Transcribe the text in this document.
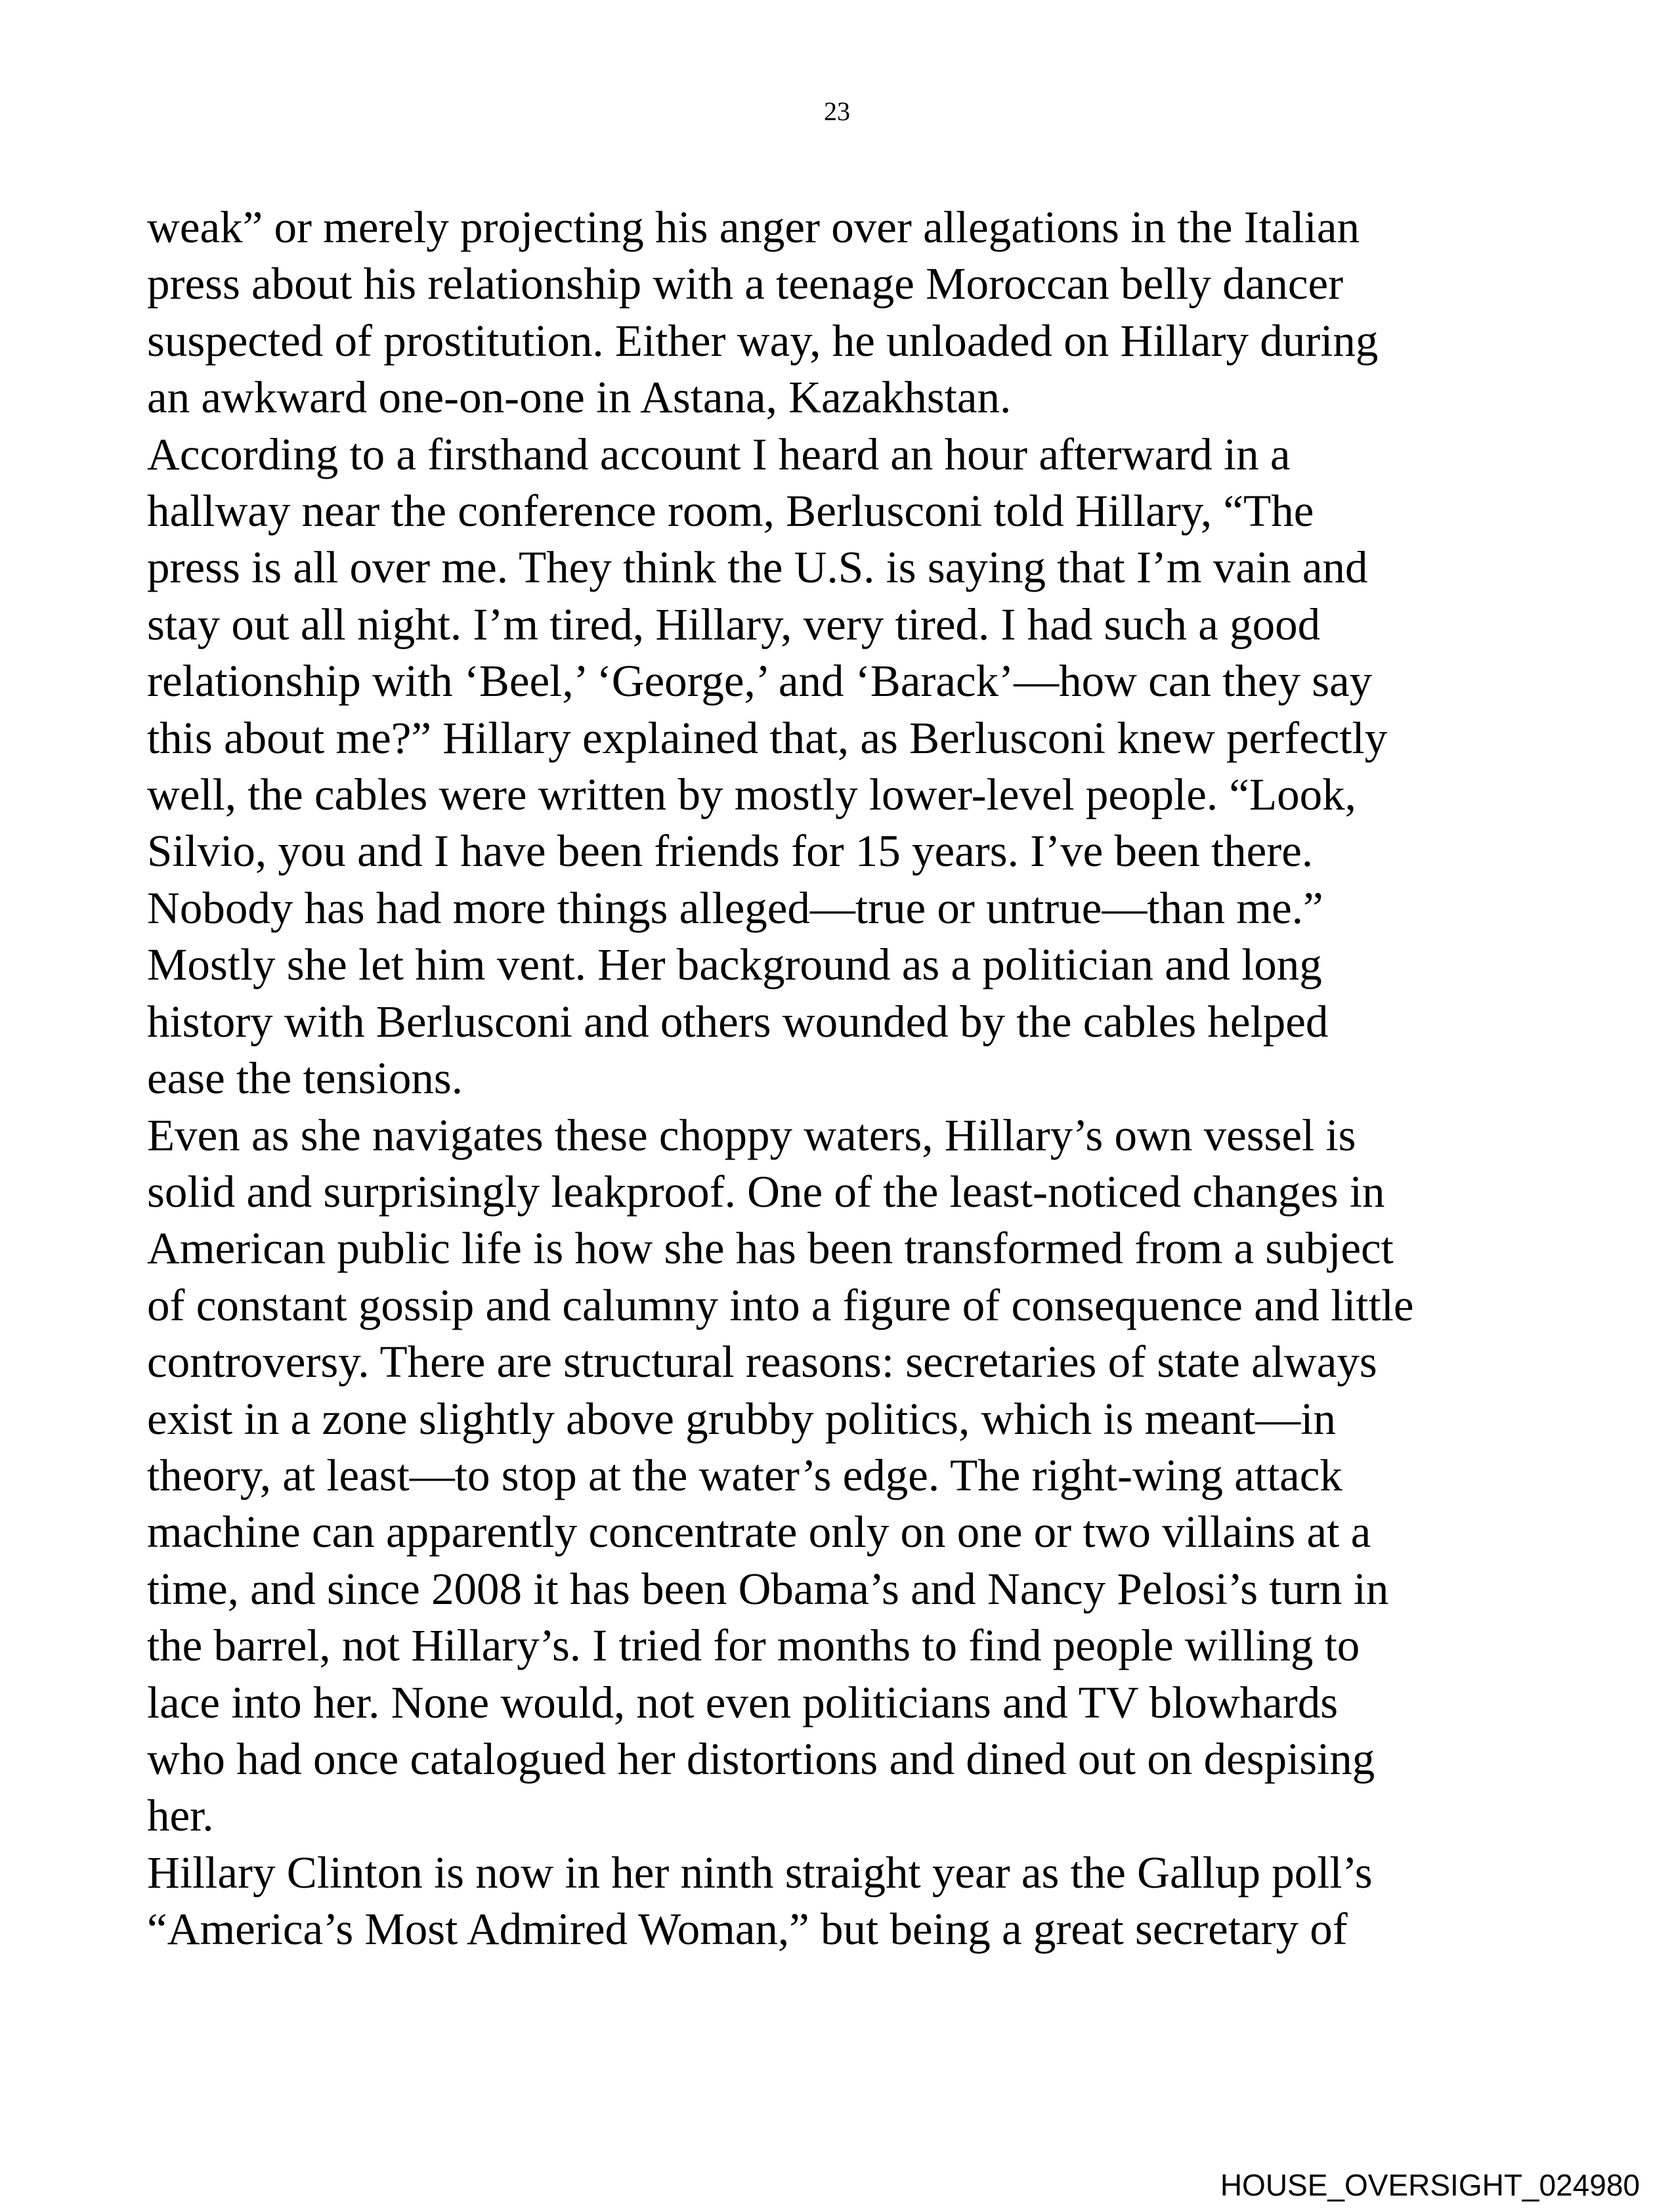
23

weak” or merely projecting his anger over allegations in the Italian
press about his relationship with a teenage Moroccan belly dancer
suspected of prostitution. Either way, he unloaded on Hillary during
an awkward one-on-one in Astana, Kazakhstan.

According to a firsthand account I heard an hour afterward in a
hallway near the conference room, Berlusconi told Hillary, “The
press is all over me. They think the U.S. is saying that I’m vain and
stay out all night. I’m tired, Hillary, very tired. I had such a good
relationship with ‘Beel,’ ‘George,’ and ‘Barack’—how can they say
this about me?” Hillary explained that, as Berlusconi knew perfectly
well, the cables were written by mostly lower-level people. “Look,
Silvio, you and I have been friends for 15 years. I’ve been there.
Nobody has had more things alleged—true or untrue—than me.”
Mostly she let him vent. Her background as a politician and long
history with Berlusconi and others wounded by the cables helped
ease the tensions.

Even as she navigates these choppy waters, Hillary’s own vessel is
solid and surprisingly leakproof. One of the least-noticed changes in
American public life is how she has been transformed from a subject
of constant gossip and calumny into a figure of consequence and little
controversy. There are structural reasons: secretaries of state always
exist in a zone slightly above grubby politics, which is meant—in
theory, at least—to stop at the water’s edge. The right-wing attack
machine can apparently concentrate only on one or two villains at a
time, and since 2008 it has been Obama’s and Nancy Pelosi’s turn in
the barrel, not Hillary’s. I tried for months to find people willing to
lace into her. None would, not even politicians and TV blowhards
who had once catalogued her distortions and dined out on despising
her.

Hillary Clinton is now in her ninth straight year as the Gallup poll’s
“America’s Most Admired Woman,” but being a great secretary of

HOUSE_OVERSIGHT_024980
